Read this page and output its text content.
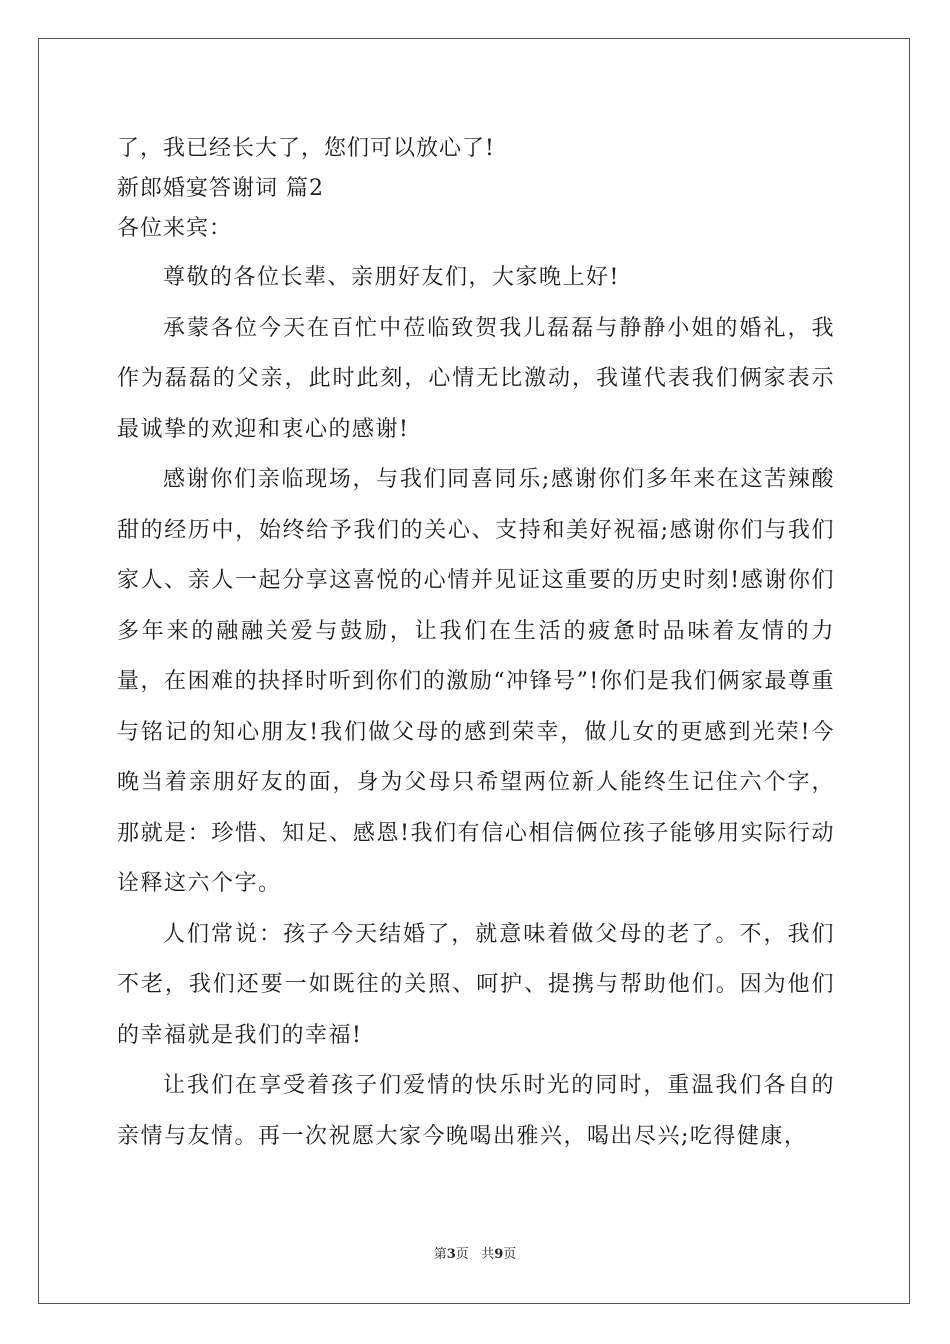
了，我已经长大了，您们可以放心了!

新郎婚宴答谢词 篇2

各位来宾：

尊敬的各位长辈、亲朋好友们，大家晚上好!

承蒙各位今天在百忙中莅临致贺我儿磊磊与静静小姐的婚礼，我作为磊磊的父亲，此时此刻，心情无比激动，我谨代表我们俩家表示最诚挚的欢迎和衷心的感谢!

感谢你们亲临现场，与我们同喜同乐;感谢你们多年来在这苦辣酸甜的经历中，始终给予我们的关心、支持和美好祝福;感谢你们与我们家人、亲人一起分享这喜悦的心情并见证这重要的历史时刻!感谢你们多年来的融融关爱与鼓励，让我们在生活的疲惫时品味着友情的力量，在困难的抉择时听到你们的激励“冲锋号”!你们是我们俩家最尊重与铭记的知心朋友!我们做父母的感到荣幸，做儿女的更感到光荣!今晚当着亲朋好友的面，身为父母只希望两位新人能终生记住六个字，那就是：珍惜、知足、感恩!我们有信心相信俩位孩子能够用实际行动诠释这六个字。

人们常说：孩子今天结婚了，就意味着做父母的老了。不，我们不老，我们还要一如既往的关照、呵护、提携与帮助他们。因为他们的幸福就是我们的幸福!

让我们在享受着孩子们爱情的快乐时光的同时，重温我们各自的亲情与友情。再一次祝愿大家今晚喝出雅兴，喝出尽兴;吃得健康，

第3页 共9页
